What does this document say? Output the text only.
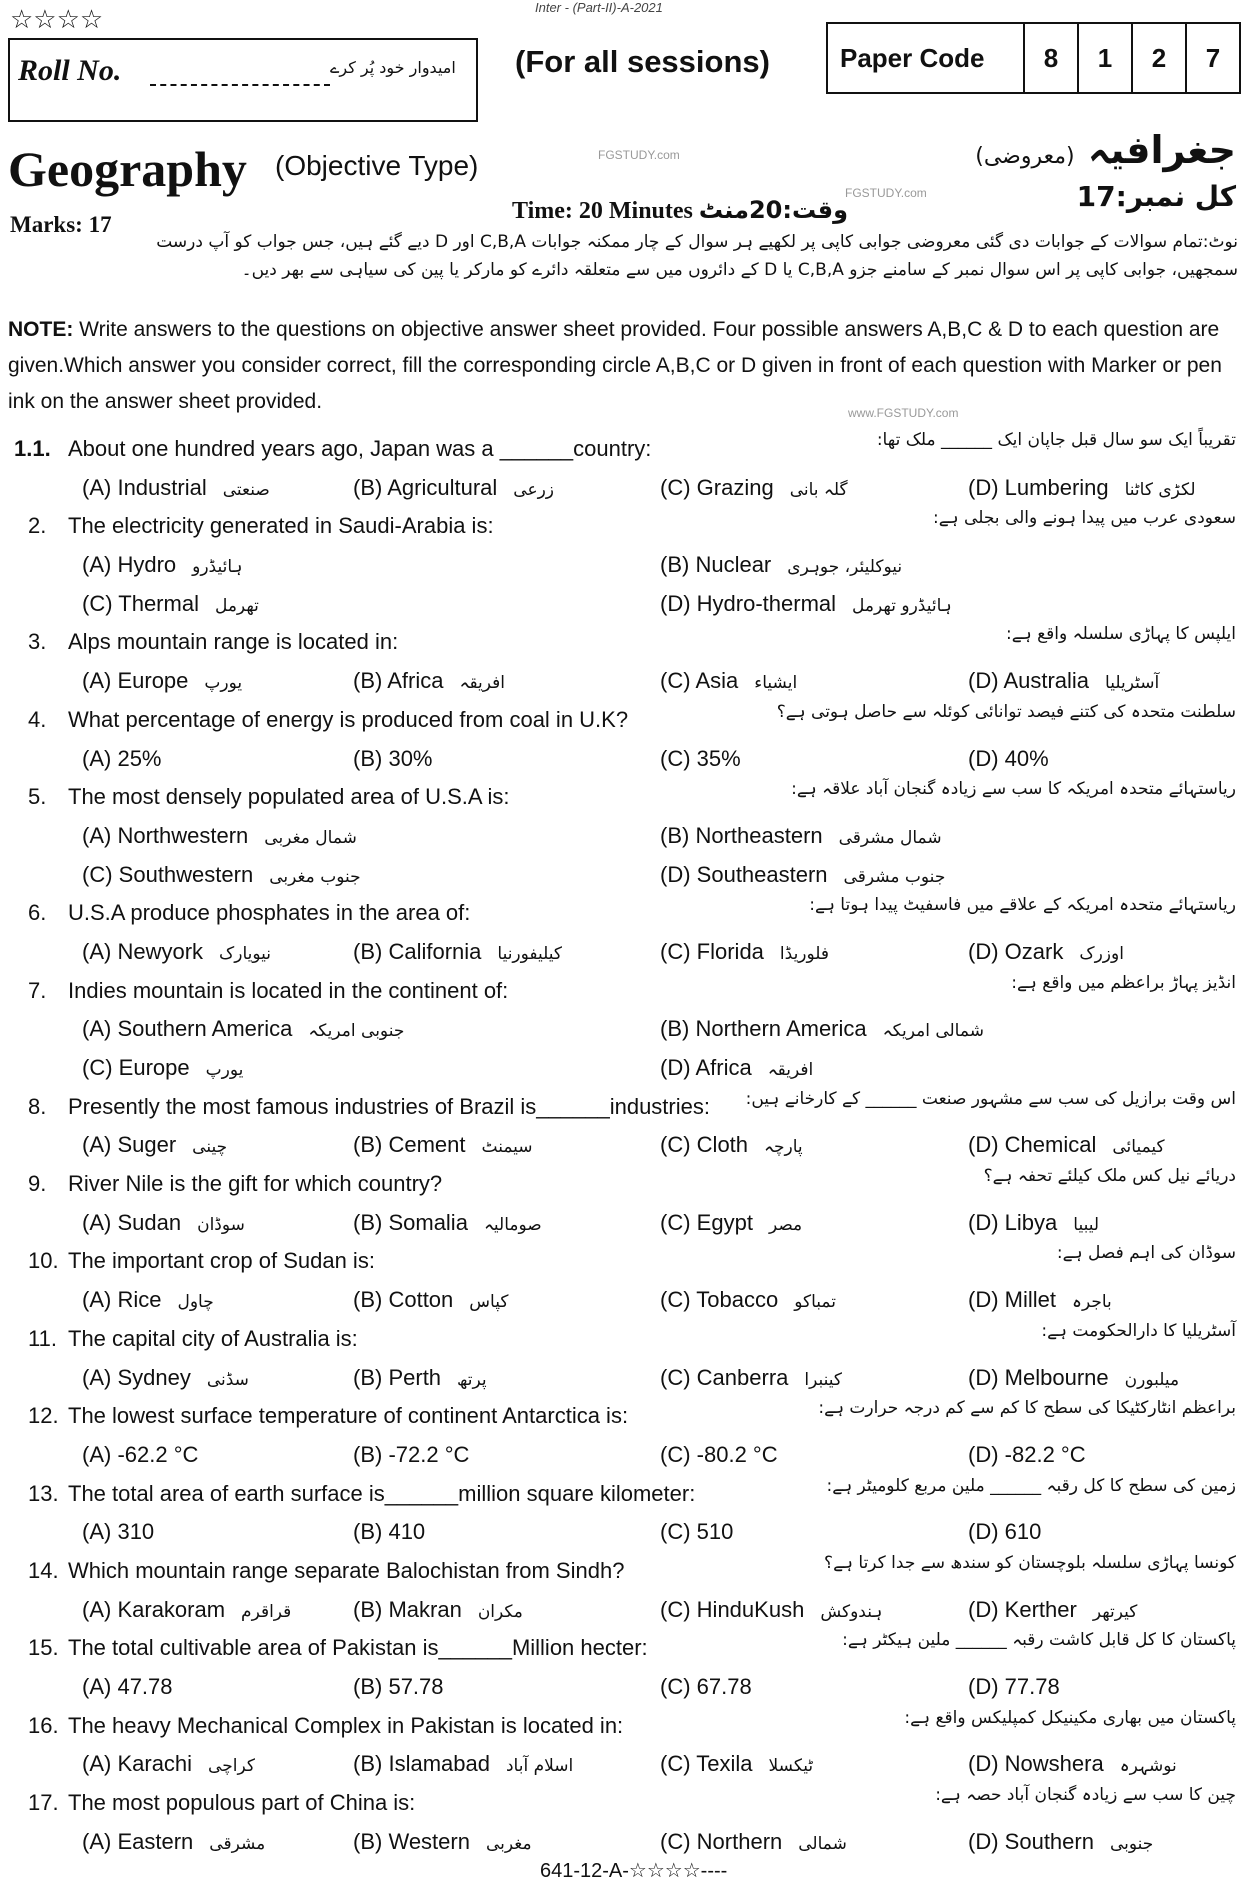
☆☆☆☆	Inter - (Part-II)-A-2021
Roll No.	امیدوار خود پُر کرے (For all sessions)	Paper Code	8	1	2	7
Geography (Objective Type)	جغرافیہ (معروضی)
Marks: 17
کل نمبر:17
Time: 20 Minutes وقت:20منٹ
FGSTUDY.com
FGSTUDY.com
www.FGSTUDY.com
نوٹ:تمام سوالات کے جوابات دی گئی معروضی جوابی کاپی پر لکھیے ہر سوال کے چار ممکنہ جوابات C,B,A اور D دیے گئے ہیں، جس جواب کو آپ درست سمجھیں، جوابی کاپی پر اس سوال نمبر کے سامنے جزو C,B,A یا D کے دائروں میں سے متعلقہ دائرے کو مارکر یا پین کی سیاہی سے بھر دیں۔
NOTE: Write answers to the questions on objective answer sheet provided. Four possible answers A,B,C & D to each question are given.Which answer you consider correct, fill the corresponding circle A,B,C or D given in front of each question with Marker or pen ink on the answer sheet provided.
1.1. About one hundred years ago, Japan was a ______country:	تقریباً ایک سو سال قبل جاپان ایک ______ ملک تھا:
(A) Industrial صنعتی	(B) Agricultural زرعی	(C) Grazing گلہ بانی	(D) Lumbering لکڑی کاٹنا
2. The electricity generated in Saudi-Arabia is:	سعودی عرب میں پیدا ہونے والی بجلی ہے:
(A) Hydro ہائیڈرو	(B) Nuclear نیوکلیئر، جوہری
(C) Thermal تھرمل	(D) Hydro-thermal ہائیڈرو تھرمل
3. Alps mountain range is located in:	ایلپس کا پہاڑی سلسلہ واقع ہے:
(A) Europe یورپ	(B) Africa افریقہ	(C) Asia ایشیاء	(D) Australia آسٹریلیا
4. What percentage of energy is produced from coal in U.K?	سلطنت متحدہ کی کتنے فیصد توانائی کوئلہ سے حاصل ہوتی ہے؟
(A) 25%	(B) 30%	(C) 35%	(D) 40%
5. The most densely populated area of U.S.A is:	ریاستہائے متحدہ امریکہ کا سب سے زیادہ گنجان آباد علاقہ ہے:
(A) Northwestern شمال مغربی	(B) Northeastern شمال مشرقی
(C) Southwestern جنوب مغربی	(D) Southeastern جنوب مشرقی
6. U.S.A produce phosphates in the area of:	ریاستہائے متحدہ امریکہ کے علاقے میں فاسفیٹ پیدا ہوتا ہے:
(A) Newyork نیویارک	(B) California کیلیفورنیا	(C) Florida فلوریڈا	(D) Ozark اوزرک
7. Indies mountain is located in the continent of:	انڈیز پہاڑ براعظم میں واقع ہے:
(A) Southern America جنوبی امریکہ	(B) Northern America شمالی امریکہ
(C) Europe یورپ	(D) Africa افریقہ
8. Presently the most famous industries of Brazil is______industries: اس وقت برازیل کی سب سے مشہور صنعت ______ کے کارخانے ہیں:
(A) Suger چینی	(B) Cement سیمنٹ	(C) Cloth پارچہ	(D) Chemical کیمیائی
9. River Nile is the gift for which country?	دریائے نیل کس ملک کیلئے تحفہ ہے؟
(A) Sudan سوڈان	(B) Somalia صومالیہ	(C) Egypt مصر	(D) Libya لیبیا
10. The important crop of Sudan is:	سوڈان کی اہم فصل ہے:
(A) Rice چاول	(B) Cotton کپاس	(C) Tobacco تمباکو	(D) Millet باجرہ
11. The capital city of Australia is:	آسٹریلیا کا دارالحکومت ہے:
(A) Sydney سڈنی	(B) Perth پرتھ	(C) Canberra کینبرا	(D) Melbourne میلبورن
12. The lowest surface temperature of continent Antarctica is:	براعظم انٹارکٹیکا کی سطح کا کم سے کم درجہ حرارت ہے:
(A) -62.2 °C	(B) -72.2 °C	(C) -80.2 °C	(D) -82.2 °C
13. The total area of earth surface is______million square kilometer:	زمین کی سطح کا کل رقبہ ______ ملین مربع کلومیٹر ہے:
(A) 310	(B) 410	(C) 510	(D) 610
14. Which mountain range separate Balochistan from Sindh?	کونسا پہاڑی سلسلہ بلوچستان کو سندھ سے جدا کرتا ہے؟
(A) Karakoram قراقرم	(B) Makran مکران	(C) HinduKush ہندوکش	(D) Kerther کیرتھر
15. The total cultivable area of Pakistan is______Million hecter:	پاکستان کا کل قابل کاشت رقبہ ______ ملین ہیکٹر ہے:
(A) 47.78	(B) 57.78	(C) 67.78	(D) 77.78
16. The heavy Mechanical Complex in Pakistan is located in:	پاکستان میں بھاری مکینیکل کمپلیکس واقع ہے:
(A) Karachi کراچی	(B) Islamabad اسلام آباد	(C) Texila ٹیکسلا	(D) Nowshera نوشہرہ
17. The most populous part of China is:	چین کا سب سے زیادہ گنجان آباد حصہ ہے:
(A) Eastern مشرقی	(B) Western مغربی	(C) Northern شمالی	(D) Southern جنوبی
641-12-A-☆☆☆☆----
